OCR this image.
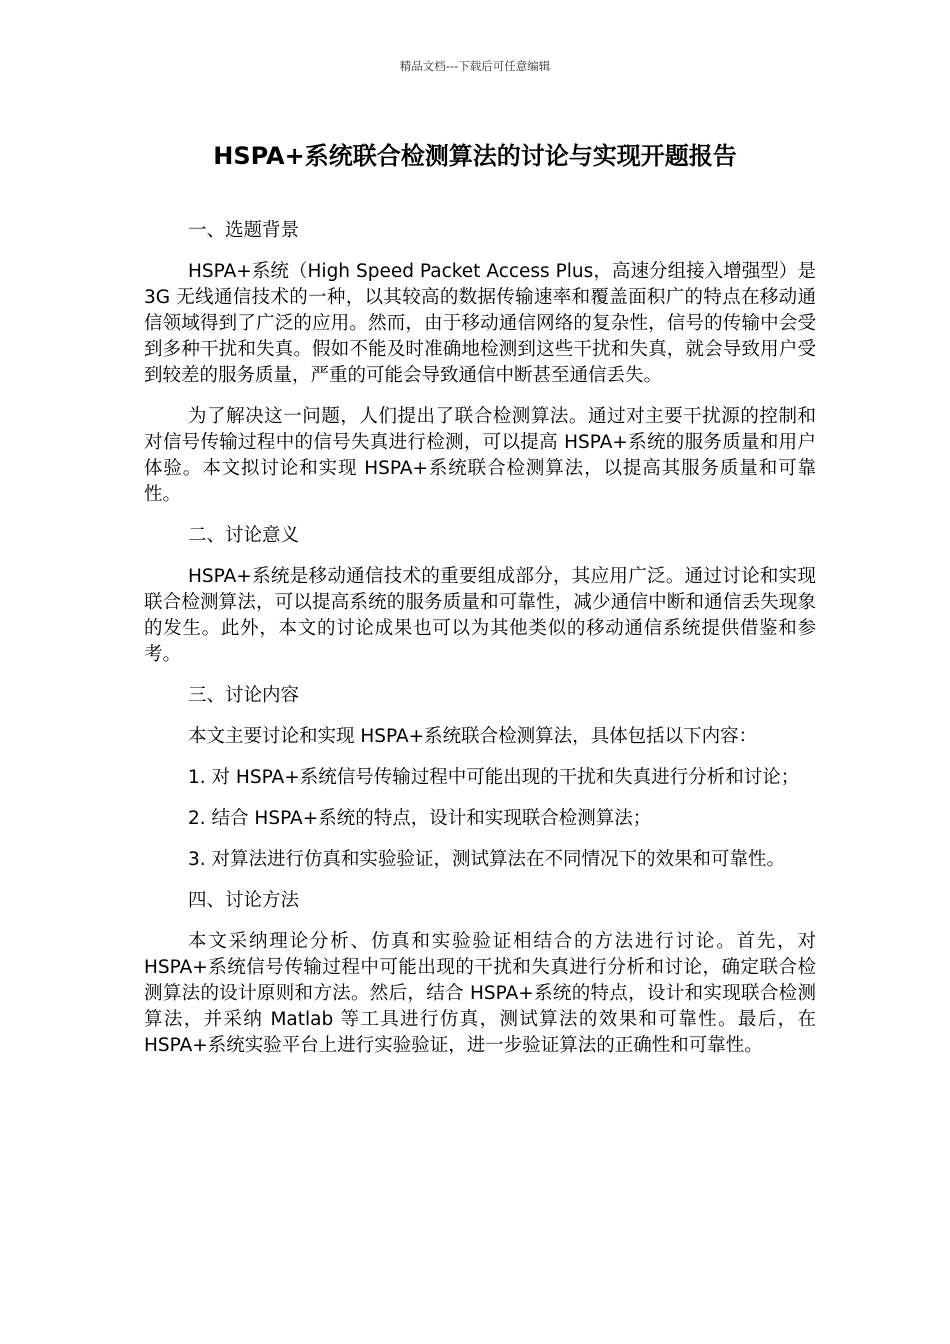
精品文档---下载后可任意编辑
HSPA+系统联合检测算法的讨论与实现开题报告

一、选题背景

HSPA+系统（High Speed Packet Access Plus，高速分组接入增强型）是 3G 无线通信技术的一种，以其较高的数据传输速率和覆盖面积广的特点在移动通信领域得到了广泛的应用。然而，由于移动通信网络的复杂性，信号的传输中会受到多种干扰和失真。假如不能及时准确地检测到这些干扰和失真，就会导致用户受到较差的服务质量，严重的可能会导致通信中断甚至通信丢失。

为了解决这一问题，人们提出了联合检测算法。通过对主要干扰源的控制和对信号传输过程中的信号失真进行检测，可以提高 HSPA+系统的服务质量和用户体验。本文拟讨论和实现 HSPA+系统联合检测算法，以提高其服务质量和可靠性。

二、讨论意义

HSPA+系统是移动通信技术的重要组成部分，其应用广泛。通过讨论和实现联合检测算法，可以提高系统的服务质量和可靠性，减少通信中断和通信丢失现象的发生。此外，本文的讨论成果也可以为其他类似的移动通信系统提供借鉴和参考。

三、讨论内容

本文主要讨论和实现 HSPA+系统联合检测算法，具体包括以下内容：

1. 对 HSPA+系统信号传输过程中可能出现的干扰和失真进行分析和讨论；

2. 结合 HSPA+系统的特点，设计和实现联合检测算法；

3. 对算法进行仿真和实验验证，测试算法在不同情况下的效果和可靠性。

四、讨论方法

本文采纳理论分析、仿真和实验验证相结合的方法进行讨论。首先，对 HSPA+系统信号传输过程中可能出现的干扰和失真进行分析和讨论，确定联合检测算法的设计原则和方法。然后，结合 HSPA+系统的特点，设计和实现联合检测算法，并采纳 Matlab 等工具进行仿真，测试算法的效果和可靠性。最后，在 HSPA+系统实验平台上进行实验验证，进一步验证算法的正确性和可靠性。
